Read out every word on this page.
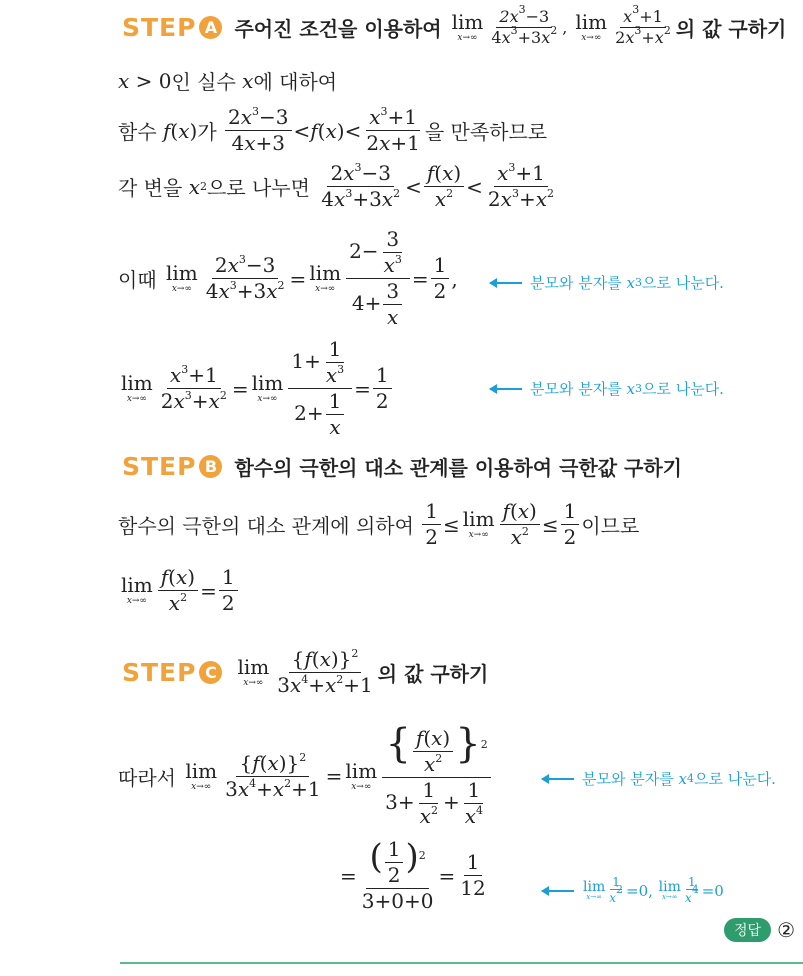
STEP A 주어진 조건을 이용하여 lim
$x\to\infty \frac{2x^3-3}{4x^3+3x^2}$ , lim
$x\to\infty \frac{x^3+1}{2x^3+x^2}$ 의 값 구하기
x > 0 인 실수
x 에 대하여
함수
f(x) 가
$\frac{2x^3-3}{4x+3} <f(x)< \frac{x^3+1}{2x+1}$ 을 만족하므로
각 변을
x 2 으로 나누면
$\frac{2x^3-3}{4x^3+3x^2} < \frac{f(x)}{x^2} < \frac{x^3+1}{2x^3+x^2}$
이때
lim
$x\to\infty \frac{2x^3-3}{4x^3+3x^2} = \lim$
$x\to\infty \frac{2- \frac{3}{x^3}}{4+ \frac{3}{x}} = \frac{1}{2}$ ,	분모와 분자를
x 3 으로 나눈다.
lim
$x\to\infty \frac{x^3+1}{2x^3+x^2} = \lim$
$x\to\infty \frac{1+ \frac{1}{x^3}}{2+ \frac{1}{x}} = \frac{1}{2}$	분모와 분자를
x 3 으로 나눈다.
STEP B 함수의 극한의 대소 관계를 이용하여 극한값 구하기
함수의 극한의 대소 관계에 의하여
$\frac{1}{2} \le \lim$
$x\to\infty \frac{f(x)}{x^2} \le \frac{1}{2}$ 이므로
lim
$x\to\infty \frac{f(x)}{x^2} = \frac{1}{2}$
STEP C lim
$x\to\infty \frac{\{f(x)\}^2}{3x^4+x^2+1}$ 의 값 구하기
따라서
lim
$x\to\infty \frac{\{f(x)\}^2}{3x^4+x^2+1} = \lim$
$x\to\infty \frac{\{ \frac{f(x)}{x^2} \}^2}{3+ \frac{1}{x^2} + \frac{1}{x^4}}$	분모와 분자를
x 4 으로 나눈다.
= $\frac{( \frac{1}{2} )^2}{3+0+0} = \frac{1}{12}$	lim
$x\to\infty \frac{1}{x^2} =0$, lim
$x\to\infty \frac{1}{x^4} =0$
정답 ②
